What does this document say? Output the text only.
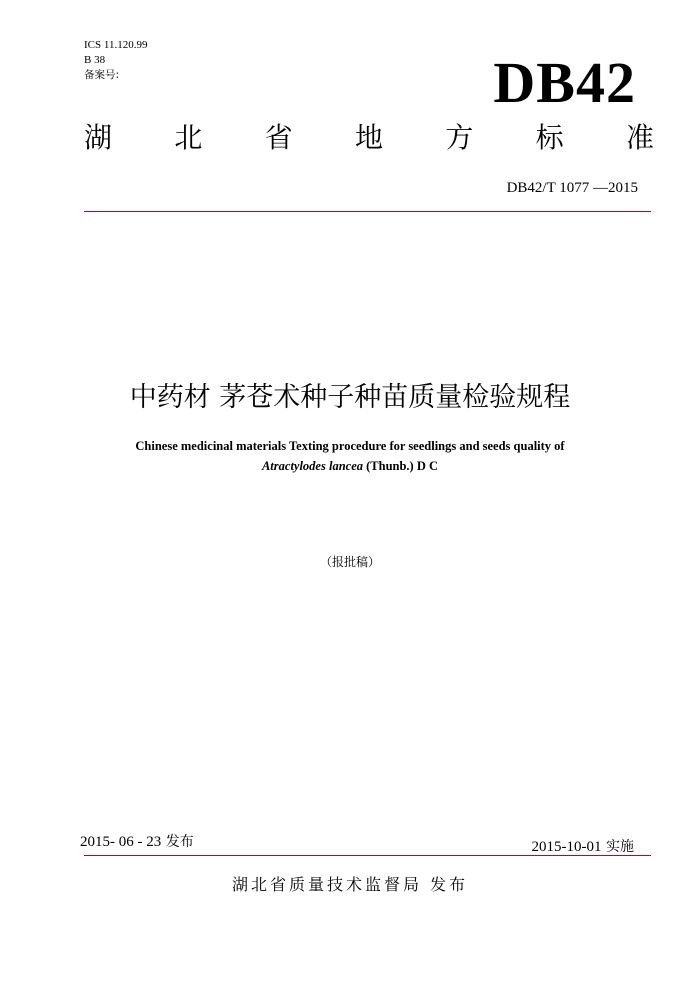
ICS 11.120.99
B 38
备案号:	DB42
湖 北 省 地 方 标 准
DB42/T 1077 —2015
中药材 茅苍术种子种苗质量检验规程
Chinese medicinal materials Texting procedure for seedlings and seeds quality of
Atractylodes lancea (Thunb.) D C
（报批稿）
2015- 06 - 23 发布	2015-10-01 实施
湖北省质量技术监督局 发布
